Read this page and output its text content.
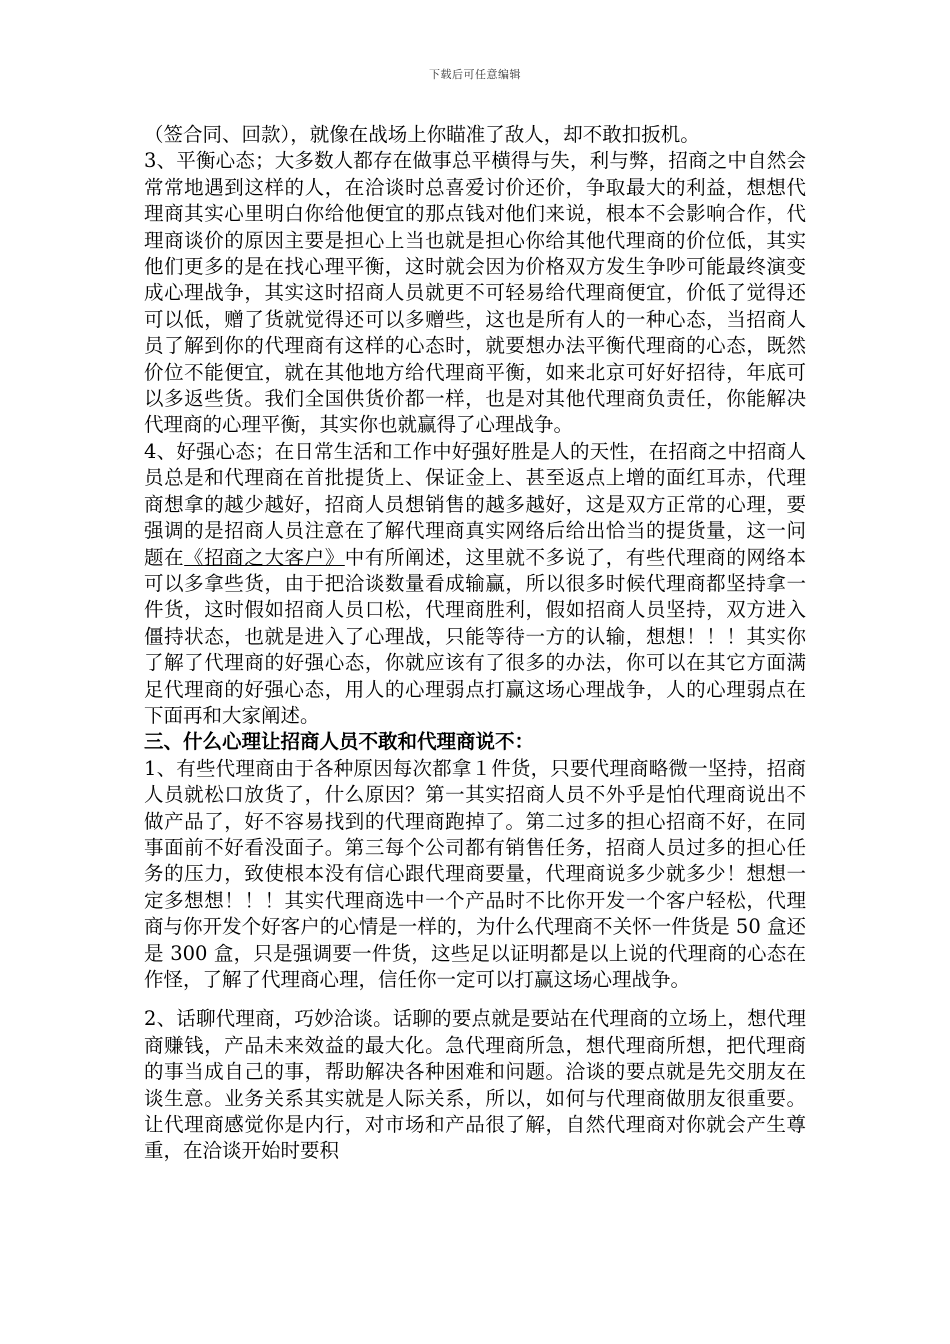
下载后可任意编辑

（签合同、回款），就像在战场上你瞄准了敌人，却不敢扣扳机。

3、平衡心态；大多数人都存在做事总平横得与失，利与弊，招商之中自然会常常地遇到这样的人，在洽谈时总喜爱讨价还价，争取最大的利益，想想代理商其实心里明白你给他便宜的那点钱对他们来说，根本不会影响合作，代理商谈价的原因主要是担心上当也就是担心你给其他代理商的价位低，其实他们更多的是在找心理平衡，这时就会因为价格双方发生争吵可能最终演变成心理战争，其实这时招商人员就更不可轻易给代理商便宜，价低了觉得还可以低，赠了货就觉得还可以多赠些，这也是所有人的一种心态，当招商人员了解到你的代理商有这样的心态时，就要想办法平衡代理商的心态，既然价位不能便宜，就在其他地方给代理商平衡，如来北京可好好招待，年底可以多返些货。我们全国供货价都一样，也是对其他代理商负责任，你能解决代理商的心理平衡，其实你也就赢得了心理战争。

4、好强心态；在日常生活和工作中好强好胜是人的天性，在招商之中招商人员总是和代理商在首批提货上、保证金上、甚至返点上增的面红耳赤，代理商想拿的越少越好，招商人员想销售的越多越好，这是双方正常的心理，要强调的是招商人员注意在了解代理商真实网络后给出恰当的提货量，这一问题在《招商之大客户》中有所阐述，这里就不多说了，有些代理商的网络本可以多拿些货，由于把洽谈数量看成输赢，所以很多时候代理商都坚持拿一件货，这时假如招商人员口松，代理商胜利，假如招商人员坚持，双方进入僵持状态，也就是进入了心理战，只能等待一方的认输，想想！！！其实你了解了代理商的好强心态，你就应该有了很多的办法，你可以在其它方面满足代理商的好强心态，用人的心理弱点打赢这场心理战争，人的心理弱点在下面再和大家阐述。

三、什么心理让招商人员不敢和代理商说不：

1、有些代理商由于各种原因每次都拿１件货，只要代理商略微一坚持，招商人员就松口放货了，什么原因？第一其实招商人员不外乎是怕代理商说出不做产品了，好不容易找到的代理商跑掉了。第二过多的担心招商不好，在同事面前不好看没面子。第三每个公司都有销售任务，招商人员过多的担心任务的压力，致使根本没有信心跟代理商要量，代理商说多少就多少！想想一定多想想！！！其实代理商选中一个产品时不比你开发一个客户轻松，代理商与你开发个好客户的心情是一样的，为什么代理商不关怀一件货是 50 盒还是 300 盒，只是强调要一件货，这些足以证明都是以上说的代理商的心态在作怪，了解了代理商心理，信任你一定可以打赢这场心理战争。

2、话聊代理商，巧妙洽谈。话聊的要点就是要站在代理商的立场上，想代理商赚钱，产品未来效益的最大化。急代理商所急，想代理商所想，把代理商的事当成自己的事，帮助解决各种困难和问题。洽谈的要点就是先交朋友在谈生意。业务关系其实就是人际关系，所以，如何与代理商做朋友很重要。让代理商感觉你是内行，对市场和产品很了解，自然代理商对你就会产生尊重，在洽谈开始时要积
